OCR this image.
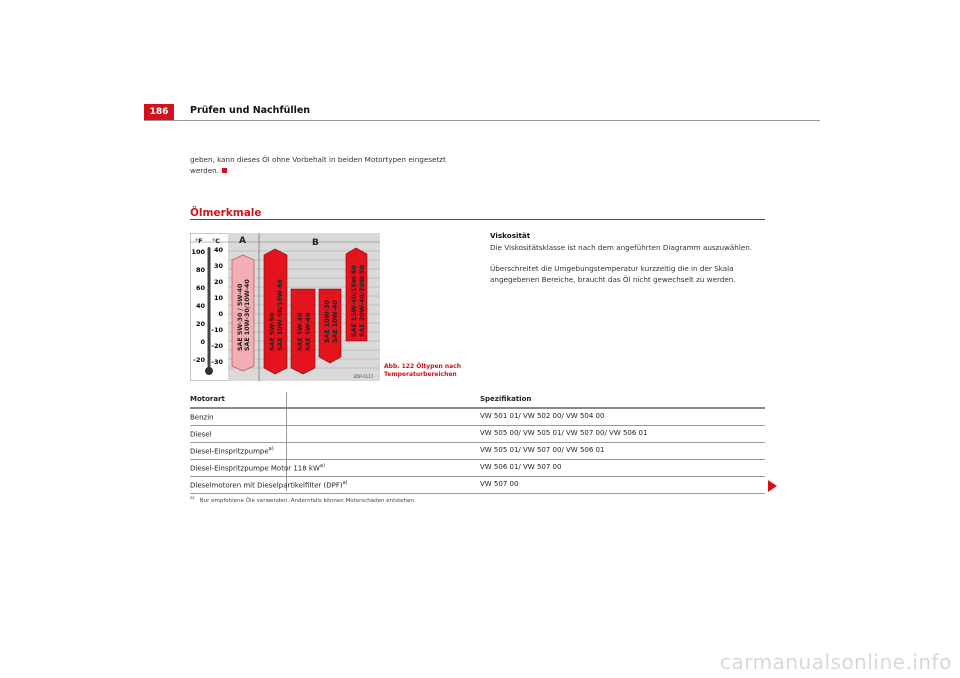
186	Prüfen und Nachfüllen
geben, kann dieses Öl ohne Vorbehalt in beiden Motortypen eingesetzt werden.
Ölmerkmale
A	B
°F °C
100
80
60
40
20
0
-20
40
30
20
10
0
-10
-20
-30
SAE 5W-30 / 5W-40 SAE 10W-30/10W-40	SAE 5W-50 SAE 10W-50/10W-60 SAE 5W-30 SAE 5W-40 SAE 10W-30 SAE 10W-40 SAE 15W-40/15W-50 SAE 20W-40/20W-50
B5P-0117
Abb. 122 Öltypen nach
Temperaturbereichen
Viskosität
Die Viskositätsklasse ist nach dem angeführten Diagramm auszuwählen.
Überschreitet die Umgebungstemperatur kurzzeitig die in der Skala angegebenen Bereiche, braucht das Öl nicht gewechselt zu werden.
Motorart	Spezifikation
Benzin	VW 501 01/ VW 502 00/ VW 504 00
Diesel	VW 505 00/ VW 505 01/ VW 507 00/ VW 506 01
Diesel-Einspritzpumpe$^{a)}$	VW 505 01/ VW 507 00/ VW 506 01
Diesel-Einspritzpumpe Motor 118 $kW^{a)}$	VW 506 01/ VW 507 00
Dieselmotoren mit Dieselpartikelfilter (DPF)$^{a)}$	VW 507 00
$^{a)}$ Nur empfohlene Öle verwenden. Andernfalls können Motorschäden entstehen.
carmanualsonline.info
